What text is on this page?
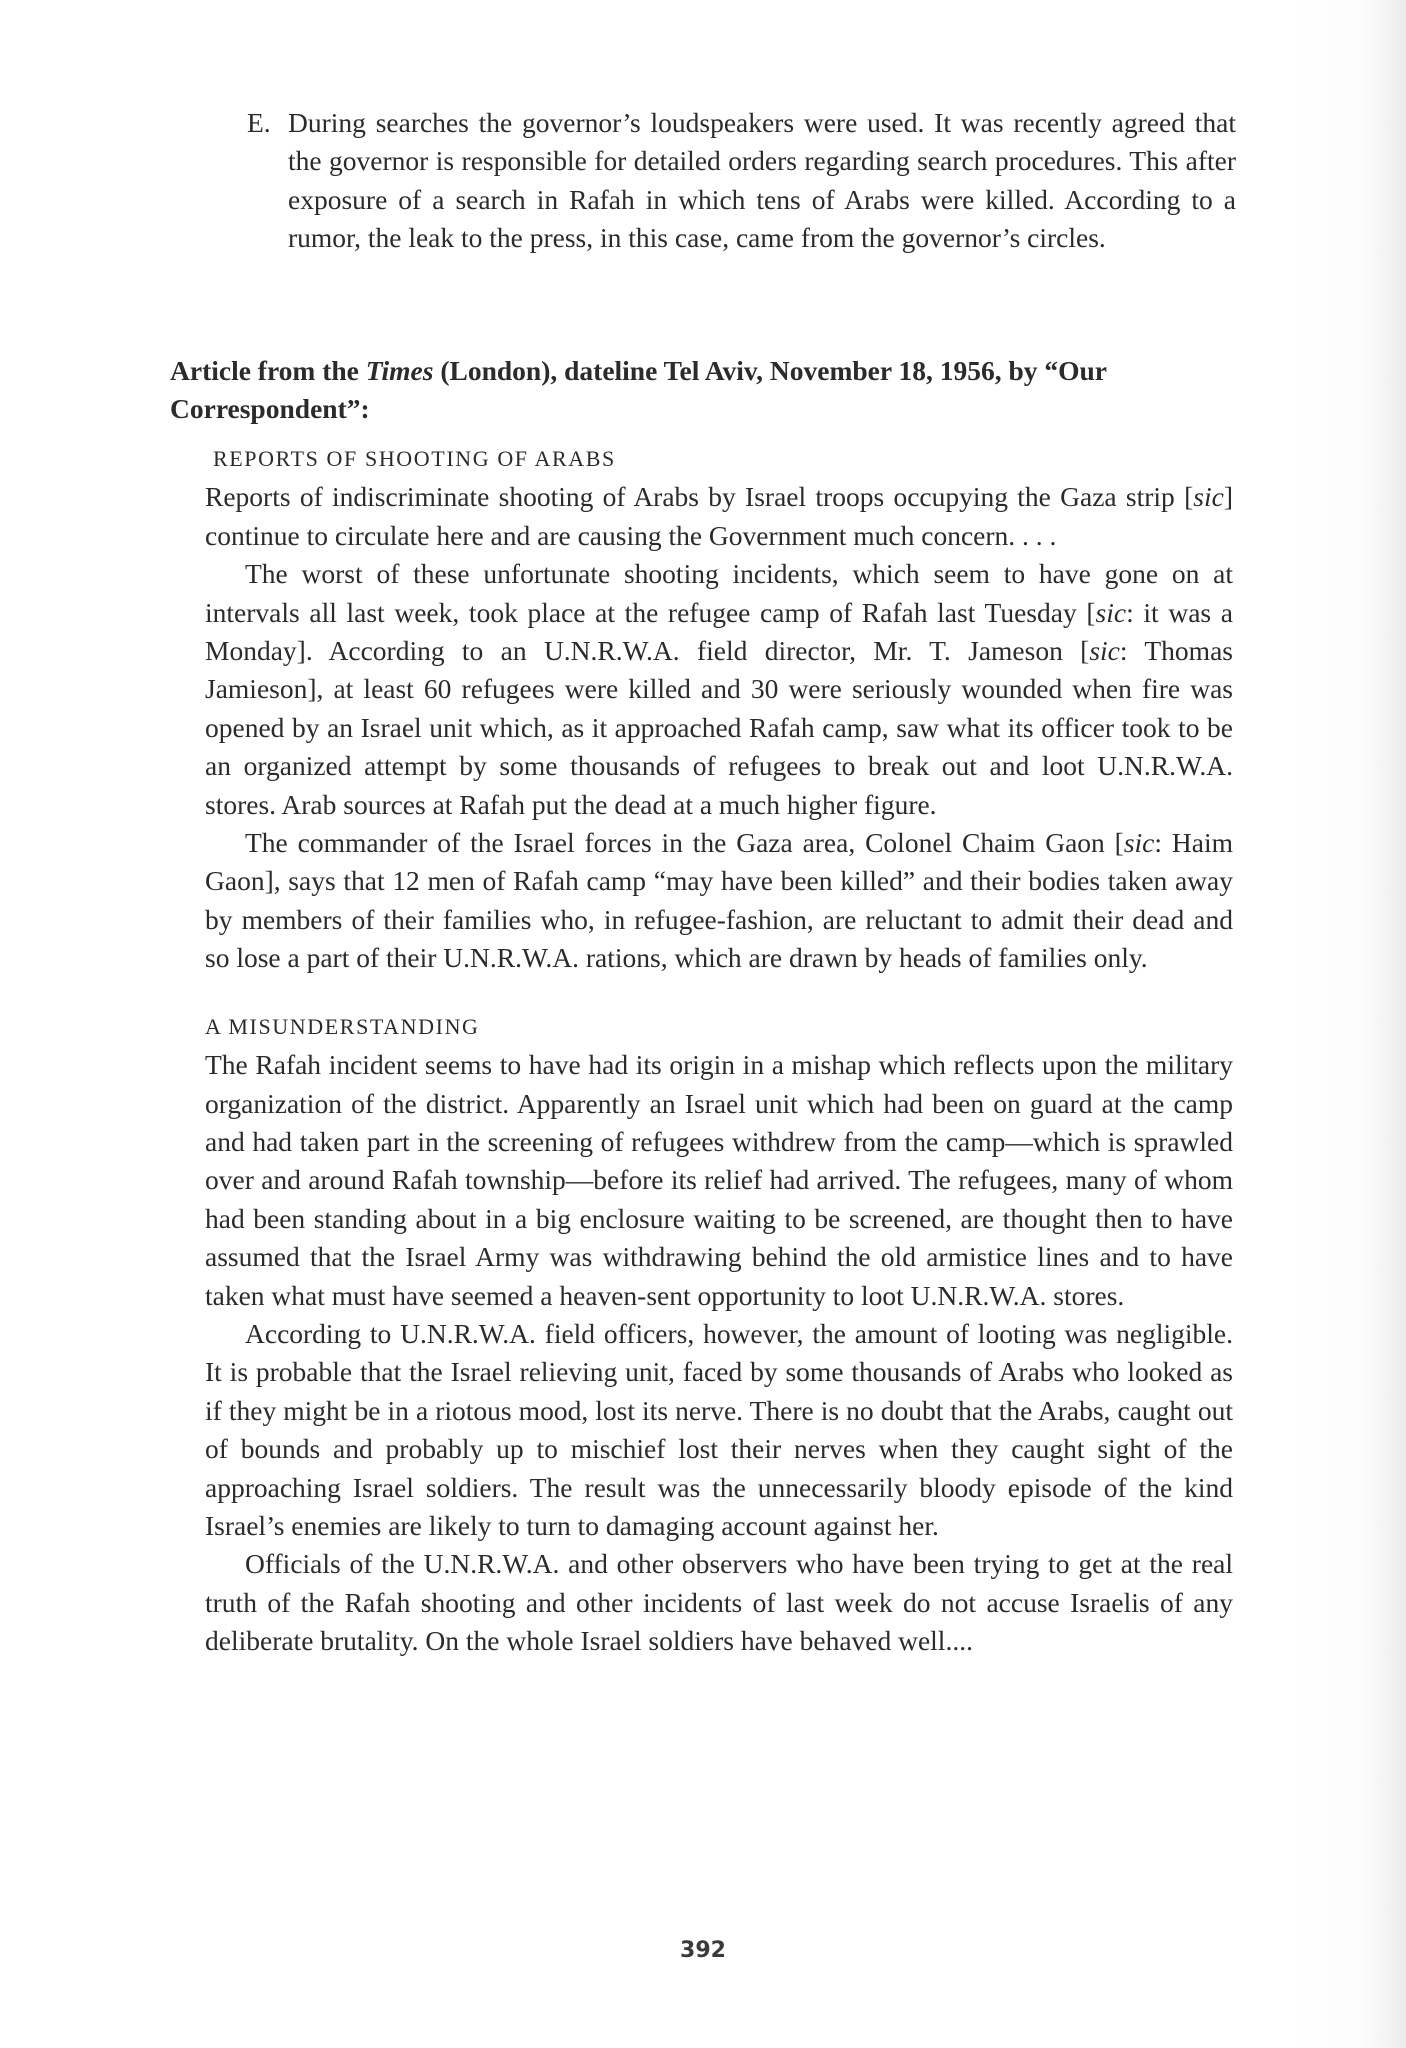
E. During searches the governor’s loudspeakers were used. It was recently agreed that the governor is responsible for detailed orders regarding search procedures. This after exposure of a search in Rafah in which tens of Arabs were killed. According to a rumor, the leak to the press, in this case, came from the governor’s circles.
Article from the Times (London), dateline Tel Aviv, November 18, 1956, by “Our Correspondent”:

REPORTS OF SHOOTING OF ARABS

Reports of indiscriminate shooting of Arabs by Israel troops occupying the Gaza strip [sic] continue to circulate here and are causing the Government much concern. . . .

The worst of these unfortunate shooting incidents, which seem to have gone on at intervals all last week, took place at the refugee camp of Rafah last Tuesday [sic: it was a Monday]. According to an U.N.R.W.A. field director, Mr. T. Jameson [sic: Thomas Jamieson], at least 60 refugees were killed and 30 were seriously wounded when fire was opened by an Israel unit which, as it approached Rafah camp, saw what its officer took to be an organized attempt by some thousands of refugees to break out and loot U.N.R.W.A. stores. Arab sources at Rafah put the dead at a much higher figure.

The commander of the Israel forces in the Gaza area, Colonel Chaim Gaon [sic: Haim Gaon], says that 12 men of Rafah camp “may have been killed” and their bodies taken away by members of their families who, in refugee-fashion, are reluctant to admit their dead and so lose a part of their U.N.R.W.A. rations, which are drawn by heads of families only.

A MISUNDERSTANDING

The Rafah incident seems to have had its origin in a mishap which reflects upon the military organization of the district. Apparently an Israel unit which had been on guard at the camp and had taken part in the screening of refugees withdrew from the camp—which is sprawled over and around Rafah township—before its relief had arrived. The refugees, many of whom had been standing about in a big enclosure waiting to be screened, are thought then to have assumed that the Israel Army was withdrawing behind the old armistice lines and to have taken what must have seemed a heaven-sent opportunity to loot U.N.R.W.A. stores.

According to U.N.R.W.A. field officers, however, the amount of looting was negligible. It is probable that the Israel relieving unit, faced by some thousands of Arabs who looked as if they might be in a riotous mood, lost its nerve. There is no doubt that the Arabs, caught out of bounds and probably up to mischief lost their nerves when they caught sight of the approaching Israel soldiers. The result was the unnecessarily bloody episode of the kind Israel’s enemies are likely to turn to damaging account against her.

Officials of the U.N.R.W.A. and other observers who have been trying to get at the real truth of the Rafah shooting and other incidents of last week do not accuse Israelis of any deliberate brutality. On the whole Israel soldiers have behaved well....

392
